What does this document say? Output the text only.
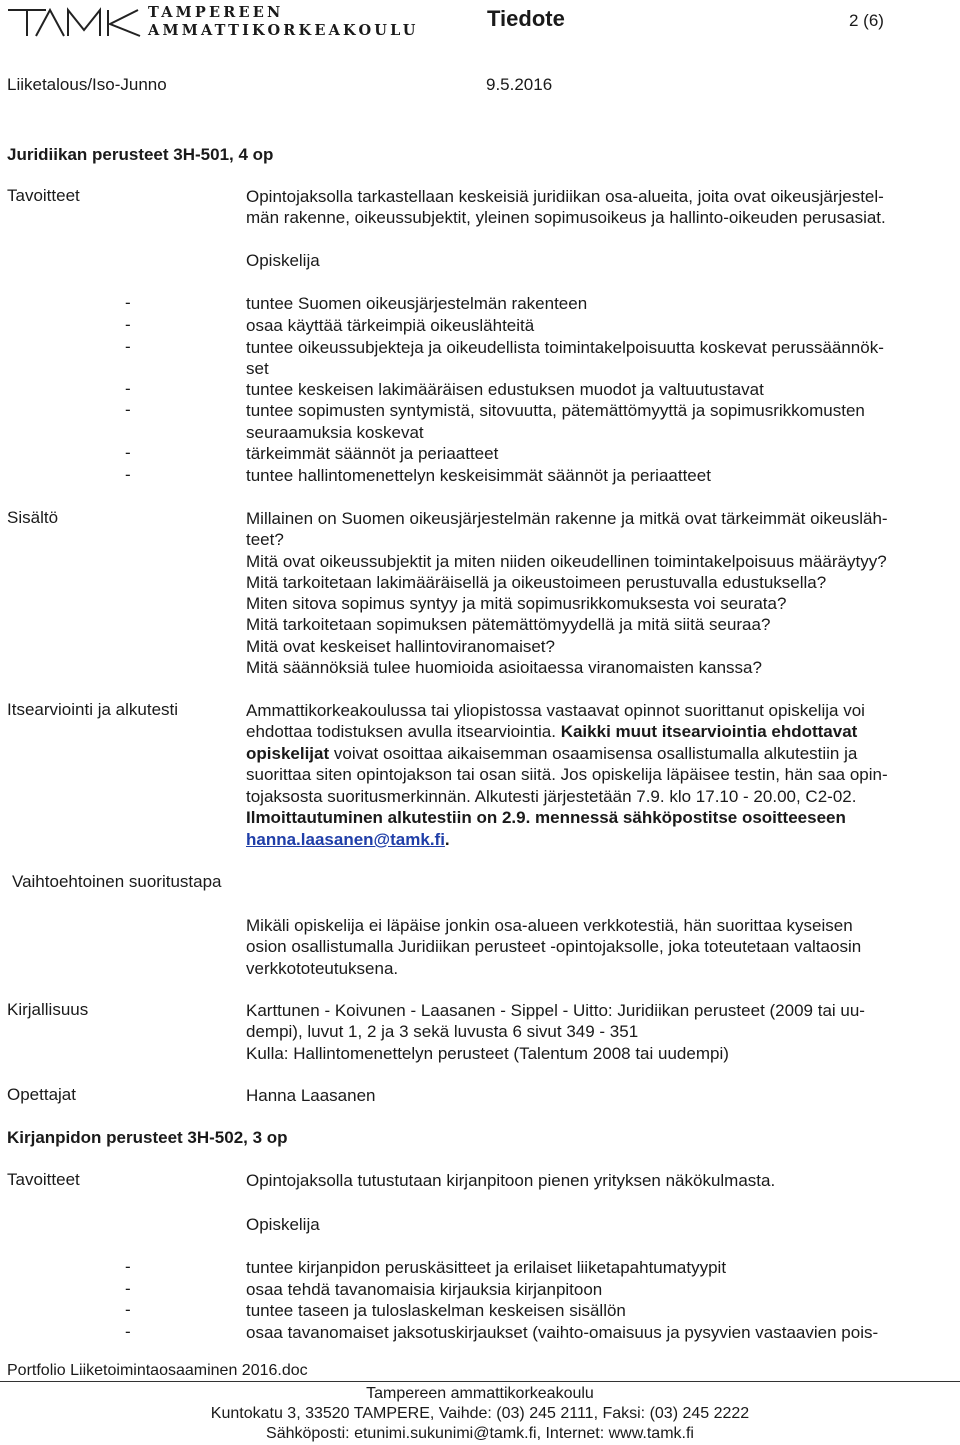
TAMPEREEN
AMMATTIKORKEAKOULU	Tiedote	2 (6)
Liiketalous/Iso-Junno	9.5.2016
Juridiikan perusteet 3H-501, 4 op
Tavoitteet	Opintojaksolla tarkastellaan keskeisiä juridiikan osa-alueita, joita ovat oikeusjärjestel-
män rakenne, oikeussubjektit, yleinen sopimusoikeus ja hallinto-oikeuden perusasiat.
Opiskelija
-	tuntee Suomen oikeusjärjestelmän rakenteen
-	osaa käyttää tärkeimpiä oikeuslähteitä
-	tuntee oikeussubjekteja ja oikeudellista toimintakelpoisuutta koskevat perussäännök-
set
-	tuntee keskeisen lakimääräisen edustuksen muodot ja valtuutustavat
-	tuntee sopimusten syntymistä, sitovuutta, pätemättömyyttä ja sopimusrikkomusten
seuraamuksia koskevat
-	tärkeimmät säännöt ja periaatteet
-	tuntee hallintomenettelyn keskeisimmät säännöt ja periaatteet
Sisältö	Millainen on Suomen oikeusjärjestelmän rakenne ja mitkä ovat tärkeimmät oikeusläh-
teet?
Mitä ovat oikeussubjektit ja miten niiden oikeudellinen toimintakelpoisuus määräytyy?
Mitä tarkoitetaan lakimääräisellä ja oikeustoimeen perustuvalla edustuksella?
Miten sitova sopimus syntyy ja mitä sopimusrikkomuksesta voi seurata?
Mitä tarkoitetaan sopimuksen pätemättömyydellä ja mitä siitä seuraa?
Mitä ovat keskeiset hallintoviranomaiset?
Mitä säännöksiä tulee huomioida asioitaessa viranomaisten kanssa?
Itsearviointi ja alkutesti	Ammattikorkeakoulussa tai yliopistossa vastaavat opinnot suorittanut opiskelija voi
ehdottaa todistuksen avulla itsearviointia. Kaikki muut itsearviointia ehdottavat
opiskelijat voivat osoittaa aikaisemman osaamisensa osallistumalla alkutestiin ja
suorittaa siten opintojakson tai osan siitä. Jos opiskelija läpäisee testin, hän saa opin-
tojaksosta suoritusmerkinnän. Alkutesti järjestetään 7.9. klo 17.10 - 20.00, C2-02.
Ilmoittautuminen alkutestiin on 2.9. mennessä sähköpostitse osoitteeseen
hanna.laasanen@tamk.fi.
Vaihtoehtoinen suoritustapa
Mikäli opiskelija ei läpäise jonkin osa-alueen verkkotestiä, hän suorittaa kyseisen
osion osallistumalla Juridiikan perusteet -opintojaksolle, joka toteutetaan valtaosin
verkkototeutuksena.
Kirjallisuus	Karttunen - Koivunen - Laasanen - Sippel - Uitto: Juridiikan perusteet (2009 tai uu-
dempi), luvut 1, 2 ja 3 sekä luvusta 6 sivut 349 - 351
Kulla: Hallintomenettelyn perusteet (Talentum 2008 tai uudempi)
Opettajat	Hanna Laasanen
Kirjanpidon perusteet 3H-502, 3 op
Tavoitteet	Opintojaksolla tutustutaan kirjanpitoon pienen yrityksen näkökulmasta.
Opiskelija
-	tuntee kirjanpidon peruskäsitteet ja erilaiset liiketapahtumatyypit
-	osaa tehdä tavanomaisia kirjauksia kirjanpitoon
-	tuntee taseen ja tuloslaskelman keskeisen sisällön
-	osaa tavanomaiset jaksotuskirjaukset (vaihto-omaisuus ja pysyvien vastaavien pois-
Portfolio Liiketoimintaosaaminen 2016.doc
Tampereen ammattikorkeakoulu
Kuntokatu 3, 33520 TAMPERE, Vaihde: (03) 245 2111, Faksi: (03) 245 2222
Sähköposti: etunimi.sukunimi@tamk.fi, Internet: www.tamk.fi
